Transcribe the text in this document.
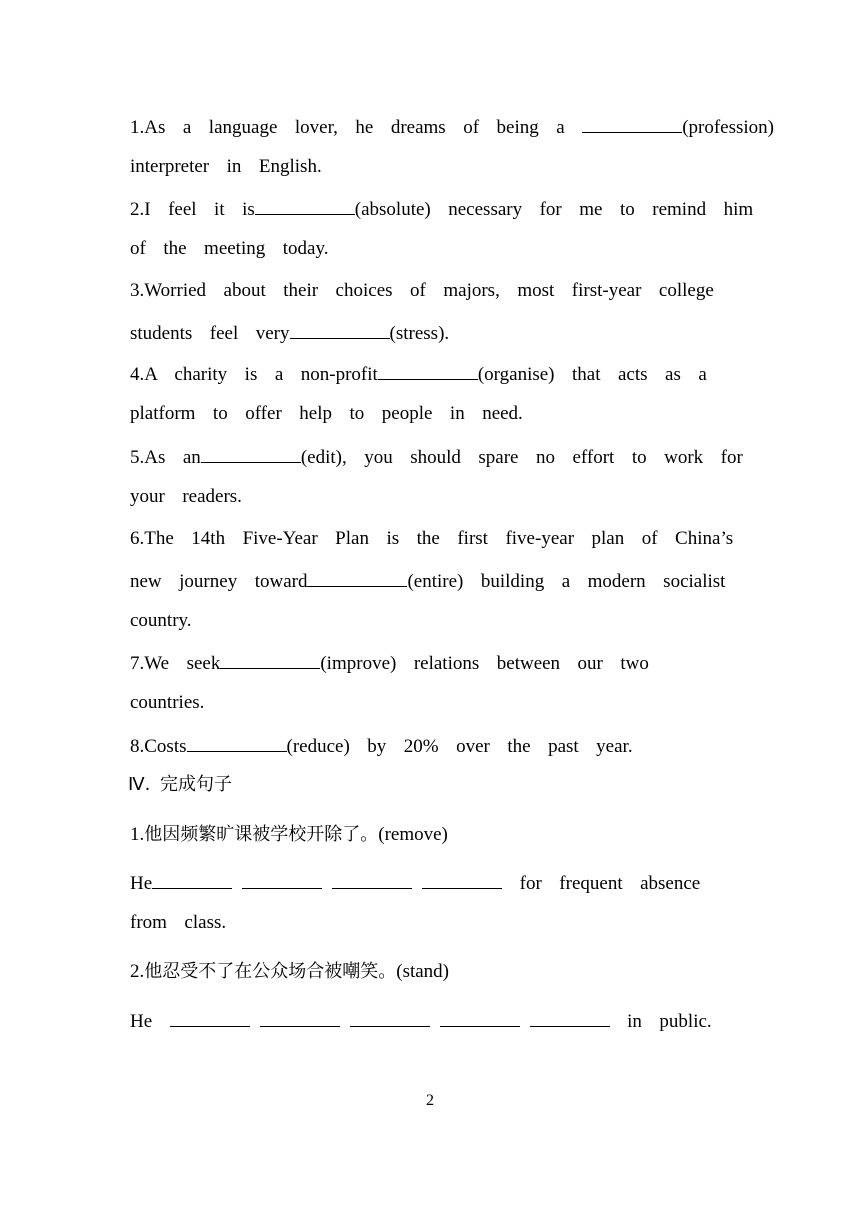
1.As  a  language  lover,  he  dreams  of  being  a	(profession)
interpreter  in  English.
2.I  feel  it  is	(absolute)  necessary  for  me  to  remind  him
of  the  meeting  today.
3.Worried  about  their  choices  of  majors,  most  first-year  college
students  feel  very	(stress).
4.A  charity  is  a  non-profit	(organise)  that  acts  as  a
platform  to  offer  help  to  people  in  need.
5.As  an	(edit),  you  should  spare  no  effort  to  work  for
your  readers.
6.The  14th  Five-Year  Plan  is  the  first  five-year  plan  of  China’s
new  journey  toward	(entire)  building  a  modern  socialist
country.
7.We  seek	(improve)  relations  between  our  two
countries.
8.Costs	(reduce)  by  20%  over  the  past  year.
Ⅳ. 完成句子
1.他因频繁旷课被学校开除了。(remove)
He	for  frequent  absence
from  class.
2.他忍受不了在公众场合被嘲笑。(stand)
He	in  public.
2
